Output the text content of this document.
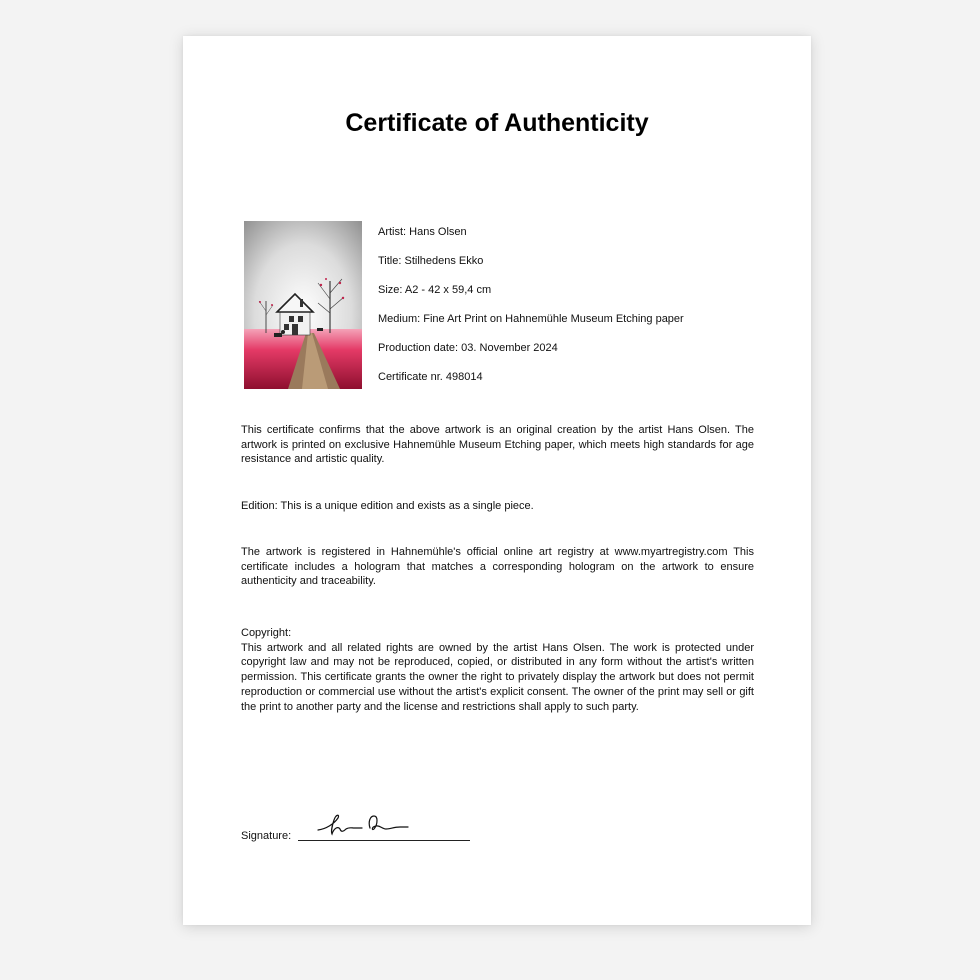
Certificate of Authenticity
Artist: Hans Olsen
Title: Stilhedens Ekko
Size: A2 - 42 x 59,4 cm
Medium: Fine Art Print on Hahnemühle Museum Etching paper
Production date: 03. November 2024
Certificate nr. 498014

This certificate confirms that the above artwork is an original creation by the artist Hans Olsen. The artwork is printed on exclusive Hahnemühle Museum Etching paper, which meets high standards for age resistance and artistic quality.

Edition: This is a unique edition and exists as a single piece.

The artwork is registered in Hahnemühle's official online art registry at www.myartregistry.com This certificate includes a hologram that matches a corresponding hologram on the artwork to ensure authenticity and traceability.

Copyright:
This artwork and all related rights are owned by the artist Hans Olsen. The work is protected under copyright law and may not be reproduced, copied, or distributed in any form without the artist's written permission. This certificate grants the owner the right to privately display the artwork but does not permit reproduction or commercial use without the artist's explicit consent. The owner of the print may sell or gift the print to another party and the license and restrictions shall apply to such party.
Signature:
